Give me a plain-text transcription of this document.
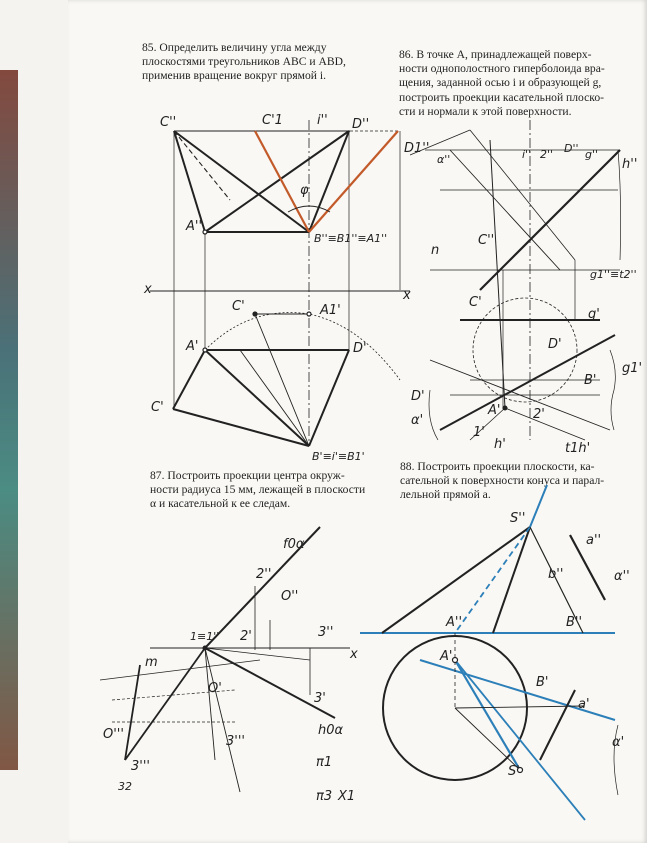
85. Определить величину угла между
плоскостями треугольников ABC и ABD,
применив вращение вокруг прямой i.
86. В точке A, принадлежащей поверх-
ности однополостного гиперболоида вра-
щения, заданной осью i и образующей g,
построить проекции касательной плоско-
сти и нормали к этой поверхности.
87. Построить проекции центра окруж-
ности радиуса 15 мм, лежащей в плоскости
α и касательной к ее следам.
88. Построить проекции плоскости, ка-
сательной к поверхности конуса и парал-
лельной прямой a.
C''	C'1	i'' D''
D1''
φ
A''
B''≡B1''≡A1''
x	x
C'	A1'
A'	D'
C'
B'≡i'≡B1'
α''	i'' 2'' D'' g''
h''
n
C''
g1''≡t2''
C'
g'
D'
B'
g1'
D'
α'
A'	2'
1'
h'	t1h'
f0α
2''
O''
1≡1'' 2'	3''
x
m
O'
3'
O'''	h0α
3'''
3'''
32
π1
π3 X1
S''
a''
α''
b''
A''	B''
A'
B'
a'
α'
S'
